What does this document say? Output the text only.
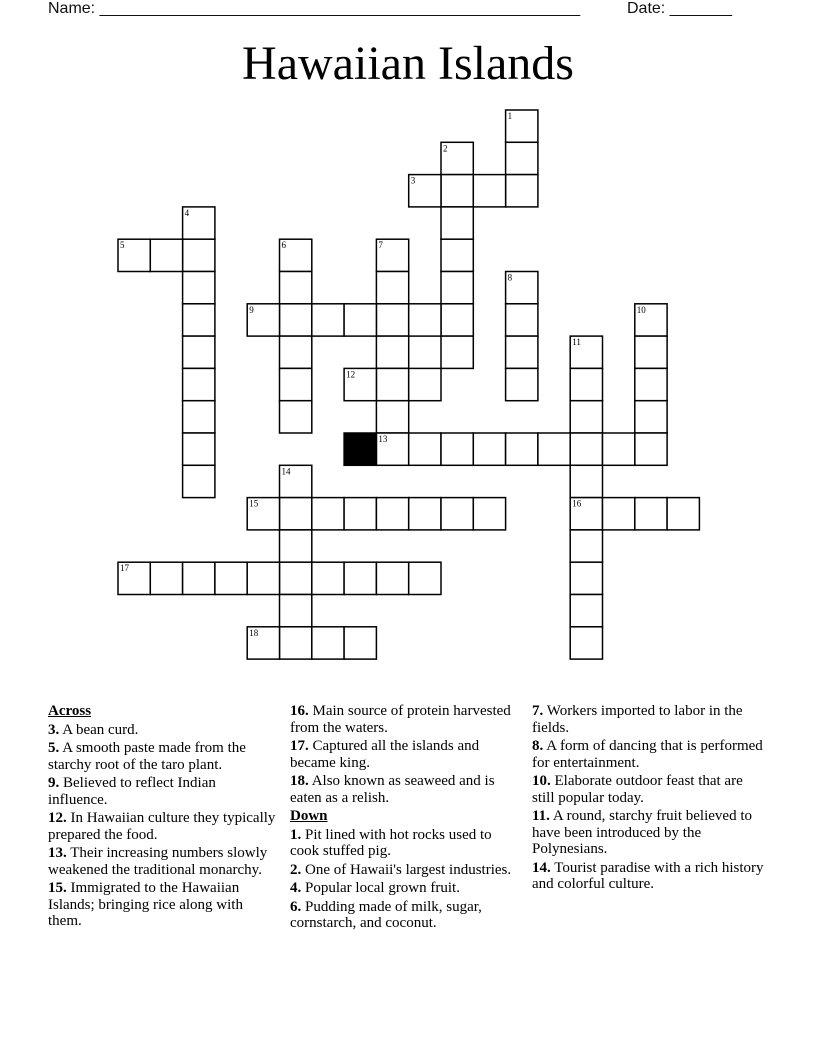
Name: ______________________________________________________	Date: _______
Hawaiian Islands
1
2
3
4
5	6	7
8
9	10
11
12
13
14
15	16
17
18
Across
3. A bean curd.
5. A smooth paste made from the starchy root of the taro plant.
9. Believed to reflect Indian influence.
12. In Hawaiian culture they typically prepared the food.
13. Their increasing numbers slowly weakened the traditional monarchy.
15. Immigrated to the Hawaiian Islands; bringing rice along with them.
16. Main source of protein harvested from the waters.
17. Captured all the islands and became king.
18. Also known as seaweed and is eaten as a relish.
Down
1. Pit lined with hot rocks used to cook stuffed pig.
2. One of Hawaii's largest industries.
4. Popular local grown fruit.
6. Pudding made of milk, sugar, cornstarch, and coconut.
7. Workers imported to labor in the fields.
8. A form of dancing that is performed for entertainment.
10. Elaborate outdoor feast that are still popular today.
11. A round, starchy fruit believed to have been introduced by the Polynesians.
14. Tourist paradise with a rich history and colorful culture.
